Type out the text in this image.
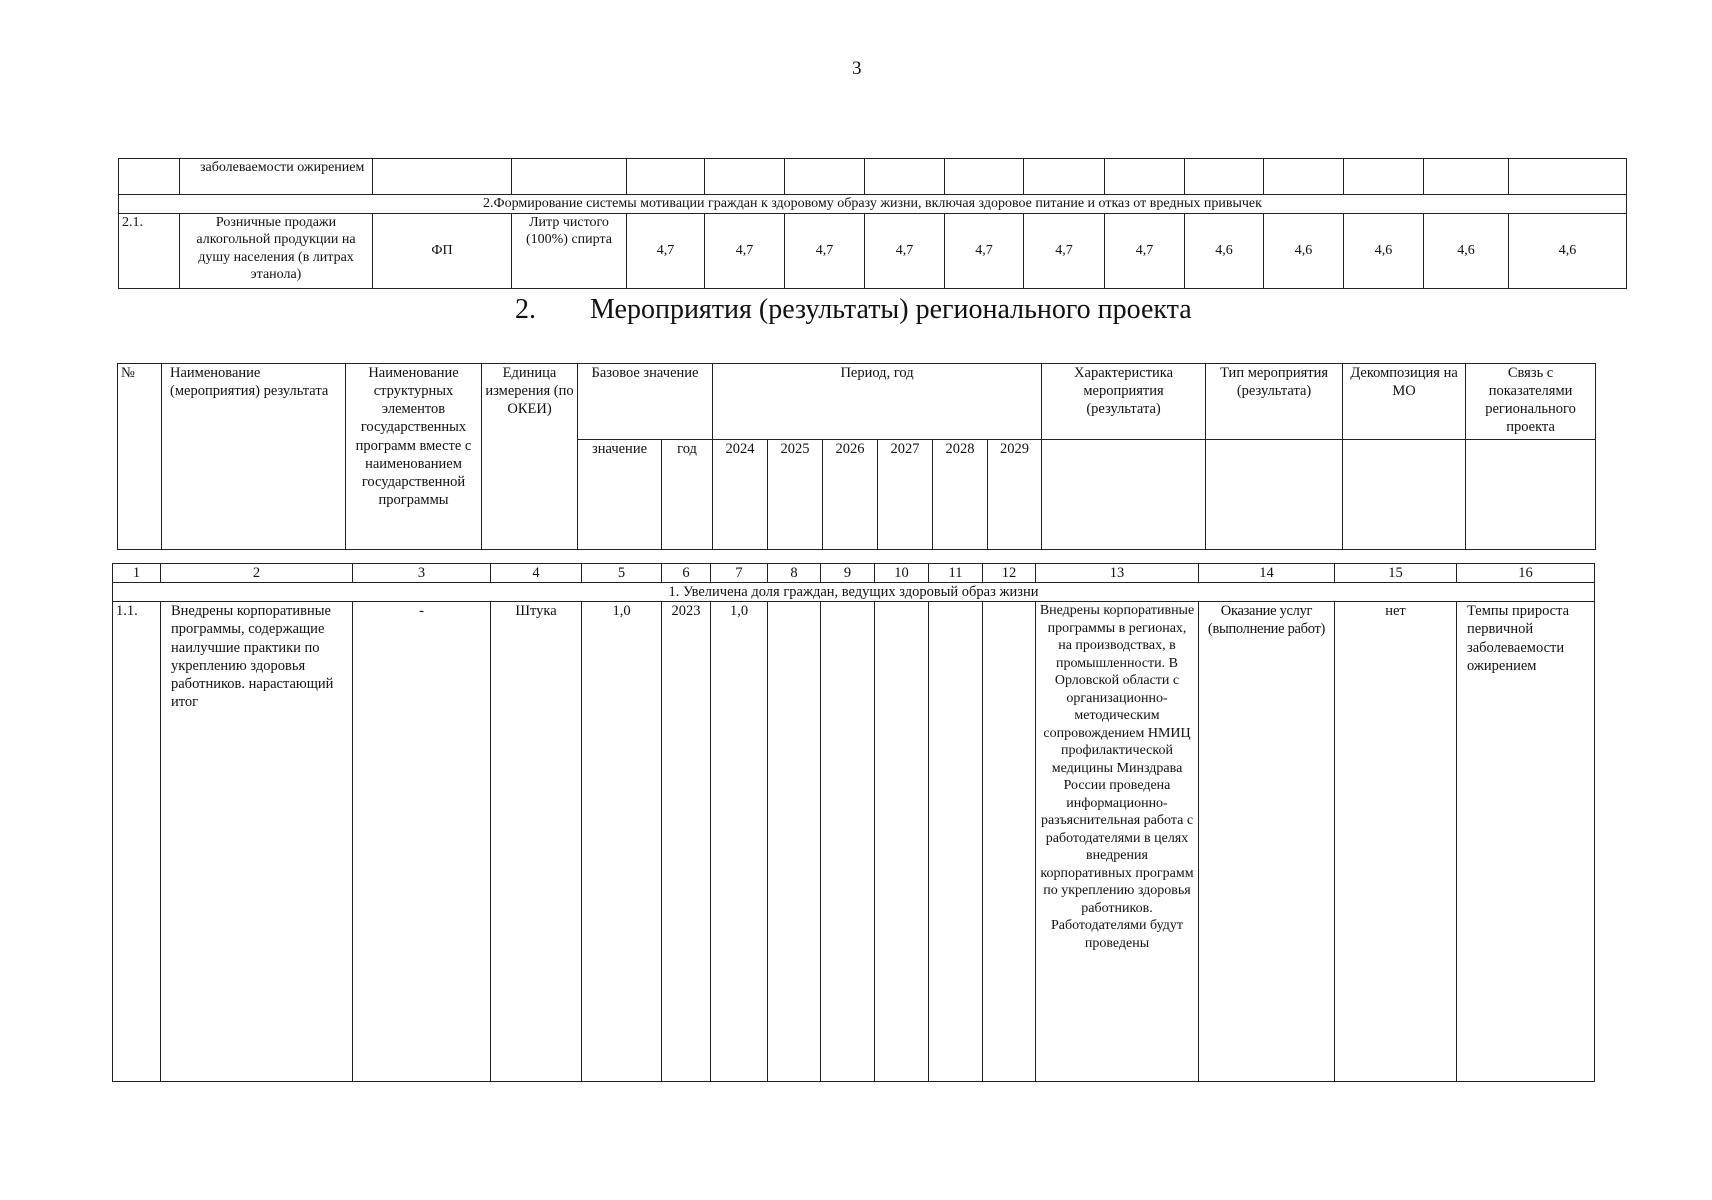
3
	заболеваемости ожирением														
2.Формирование системы мотивации граждан к здоровому образу жизни, включая здоровое питание и отказ от вредных привычек															
2.1.	Розничные продажи алкогольной продукции на душу населения (в литрах этанола)	ФП	Литр чистого (100%) спирта	4,7	4,7	4,7	4,7	4,7	4,7	4,7	4,6	4,6	4,6	4,6	4,6
2. Мероприятия (результаты) регионального проекта
№	Наименование (мероприятия) результата	Наименование структурных элементов государственных программ вместе с наименованием государственной программы	Единица измерения (по ОКЕИ)	Базовое значение		Период, год						Характеристика мероприятия (результата)	Тип мероприятия (результата)	Декомпозиция на МО	Связь с показателями регионального проекта
				значение	год	2024	2025	2026	2027	2028	2029				
1	2	3	4	5	6	7	8	9	10	11	12	13	14	15	16
1. Увеличена доля граждан, ведущих здоровый образ жизни															
1.1.	Внедрены корпоративные программы, содержащие наилучшие практики по укреплению здоровья работников. нарастающий итог	-	Штука	1,0	2023	1,0						Внедрены корпоративные программы в регионах, на производствах, в промышленности. В Орловской области с организационно-методическим сопровождением НМИЦ профилактической медицины Минздрава России проведена информационно-разъяснительная работа с работодателями в целях внедрения корпоративных программ по укреплению здоровья работников. Работодателями будут проведены	Оказание услуг (выполнение работ)	нет	Темпы прироста первичной заболеваемости ожирением
